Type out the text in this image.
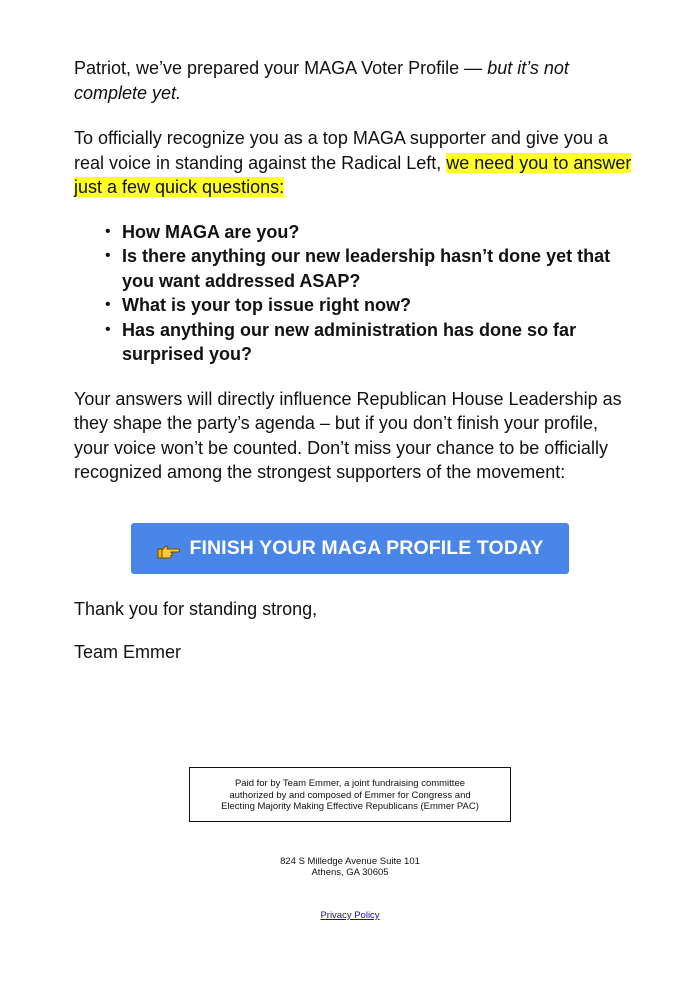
Patriot, we’ve prepared your MAGA Voter Profile — but it’s not complete yet.

To officially recognize you as a top MAGA supporter and give you a real voice in standing against the Radical Left, we need you to answer just a few quick questions:

• How MAGA are you?
• Is there anything our new leadership hasn’t done yet that you want addressed ASAP?
• What is your top issue right now?
• Has anything our new administration has done so far surprised you?

Your answers will directly influence Republican House Leadership as they shape the party’s agenda – but if you don’t finish your profile, your voice won’t be counted. Don’t miss your chance to be officially recognized among the strongest supporters of the movement:

FINISH YOUR MAGA PROFILE TODAY

Thank you for standing strong,

Team Emmer

Paid for by Team Emmer, a joint fundraising committee
authorized by and composed of Emmer for Congress and
Electing Majority Making Effective Republicans (Emmer PAC)
824 S Milledge Avenue Suite 101
Athens, GA 30605
Privacy Policy
